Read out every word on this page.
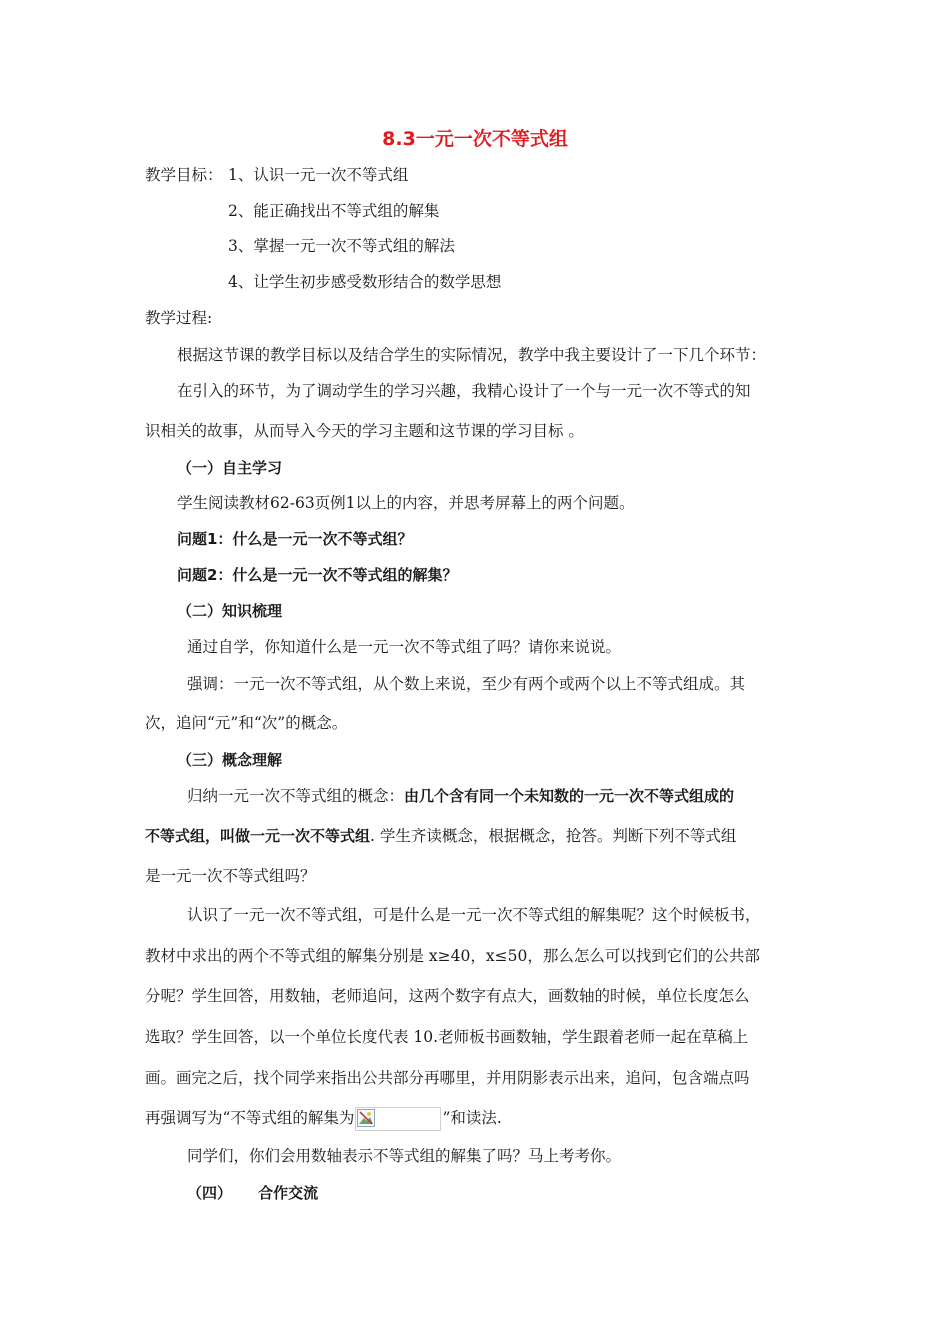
8.3一元一次不等式组
教学目标： 1、认识一元一次不等式组
2、能正确找出不等式组的解集
3、掌握一元一次不等式组的解法
4、让学生初步感受数形结合的数学思想
教学过程:
根据这节课的教学目标以及结合学生的实际情况，教学中我主要设计了一下几个环节：
在引入的环节，为了调动学生的学习兴趣，我精心设计了一个与一元一次不等式的知
识相关的故事，从而导入今天的学习主题和这节课的学习目标 。
（一）自主学习
学生阅读教材62-63页例1以上的内容，并思考屏幕上的两个问题。
问题1：什么是一元一次不等式组？
问题2：什么是一元一次不等式组的解集？
（二）知识梳理
通过自学，你知道什么是一元一次不等式组了吗？请你来说说。
强调：一元一次不等式组，从个数上来说，至少有两个或两个以上不等式组成。其
次，追问“元”和“次”的概念。
（三）概念理解
归纳一元一次不等式组的概念：由几个含有同一个未知数的一元一次不等式组成的
不等式组，叫做一元一次不等式组. 学生齐读概念，根据概念，抢答。判断下列不等式组
是一元一次不等式组吗？
认识了一元一次不等式组，可是什么是一元一次不等式组的解集呢？这个时候板书，
教材中求出的两个不等式组的解集分别是 x≥40，x≤50，那么怎么可以找到它们的公共部
分呢？学生回答，用数轴，老师追问，这两个数字有点大，画数轴的时候，单位长度怎么
选取？学生回答，以一个单位长度代表 10.老师板书画数轴，学生跟着老师一起在草稿上
画。画完之后，找个同学来指出公共部分再哪里，并用阴影表示出来，追问，包含端点吗
再强调写为“不等式组的解集为	”和读法.
同学们，你们会用数轴表示不等式组的解集了吗？马上考考你。
（四）     合作交流
